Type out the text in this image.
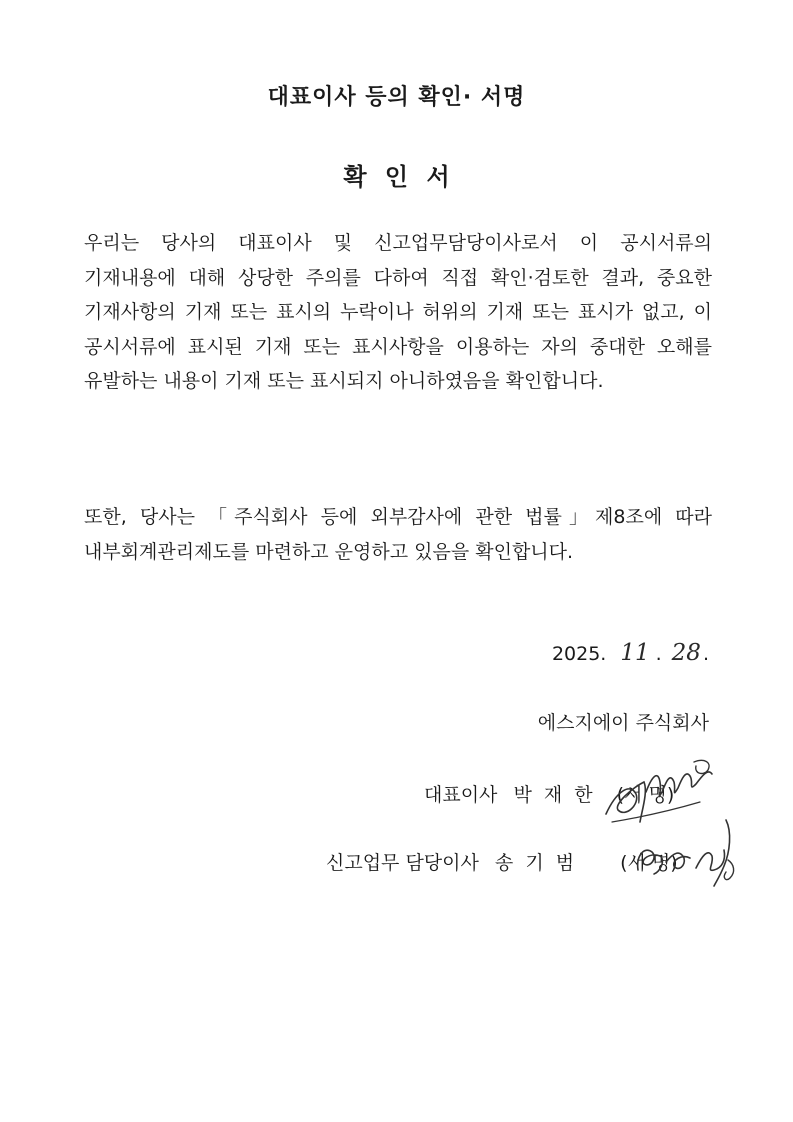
대표이사 등의 확인· 서명
확 인 서
우리는 당사의 대표이사 및 신고업무담당이사로서 이 공시서류의 기재내용에 대해 상당한 주의를 다하여 직접 확인·검토한 결과, 중요한 기재사항의 기재 또는 표시의 누락이나 허위의 기재 또는 표시가 없고, 이 공시서류에 표시된 기재 또는 표시사항을 이용하는 자의 중대한 오해를 유발하는 내용이 기재 또는 표시되지 아니하였음을 확인합니다.
또한, 당사는 「주식회사 등에 외부감사에 관한 법률」제8조에 따라 내부회계관리제도를 마련하고 운영하고 있음을 확인합니다.
2025. 11 . 28 .
에스지에이 주식회사
대표이사 박 재 한 (서 명)
신고업무 담당이사 송 기 범 (서 명)
